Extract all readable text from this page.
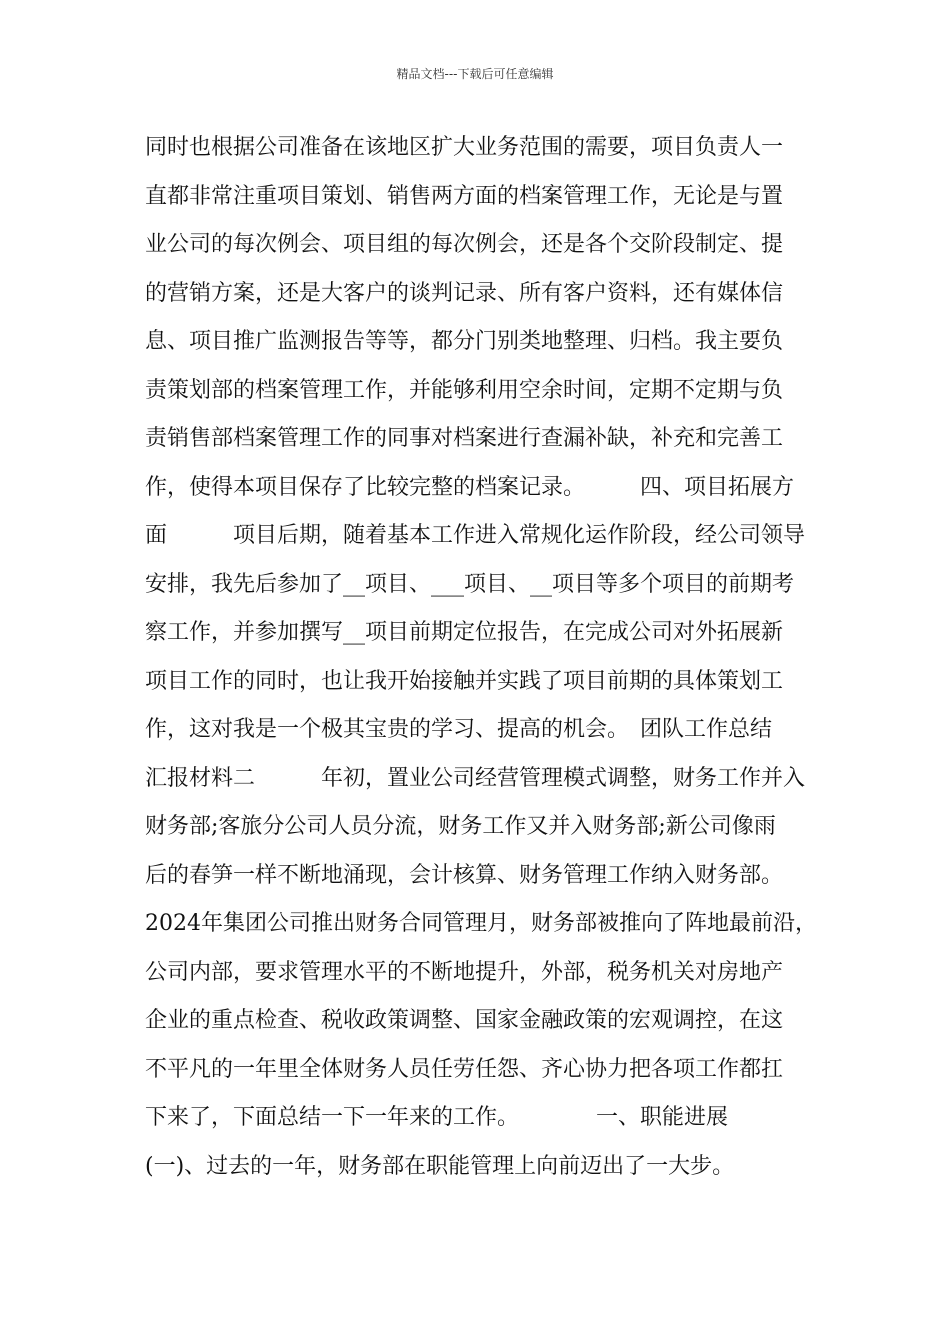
精品文档---下载后可任意编辑
同时也根据公司准备在该地区扩大业务范围的需要，项目负责人一
直都非常注重项目策划、销售两方面的档案管理工作，无论是与置
业公司的每次例会、项目组的每次例会，还是各个交阶段制定、提
的营销方案，还是大客户的谈判记录、所有客户资料，还有媒体信
息、项目推广监测报告等等，都分门别类地整理、归档。我主要负
责策划部的档案管理工作，并能够利用空余时间，定期不定期与负
责销售部档案管理工作的同事对档案进行查漏补缺，补充和完善工
作，使得本项目保存了比较完整的档案记录。　　　四、项目拓展方
面　　　项目后期，随着基本工作进入常规化运作阶段，经公司领导
安排，我先后参加了__项目、___项目、__项目等多个项目的前期考
察工作，并参加撰写__项目前期定位报告，在完成公司对外拓展新
项目工作的同时，也让我开始接触并实践了项目前期的具体策划工
作，这对我是一个极其宝贵的学习、提高的机会。　团队工作总结
汇报材料二　　　年初，置业公司经营管理模式调整，财务工作并入
财务部;客旅分公司人员分流，财务工作又并入财务部;新公司像雨
后的春笋一样不断地涌现，会计核算、财务管理工作纳入财务部。
2024年集团公司推出财务合同管理月，财务部被推向了阵地最前沿，
公司内部，要求管理水平的不断地提升，外部，税务机关对房地产
企业的重点检查、税收政策调整、国家金融政策的宏观调控，在这
不平凡的一年里全体财务人员任劳任怨、齐心协力把各项工作都扛
下来了，下面总结一下一年来的工作。　　　　一、职能进展
(一)、过去的一年，财务部在职能管理上向前迈出了一大步。
